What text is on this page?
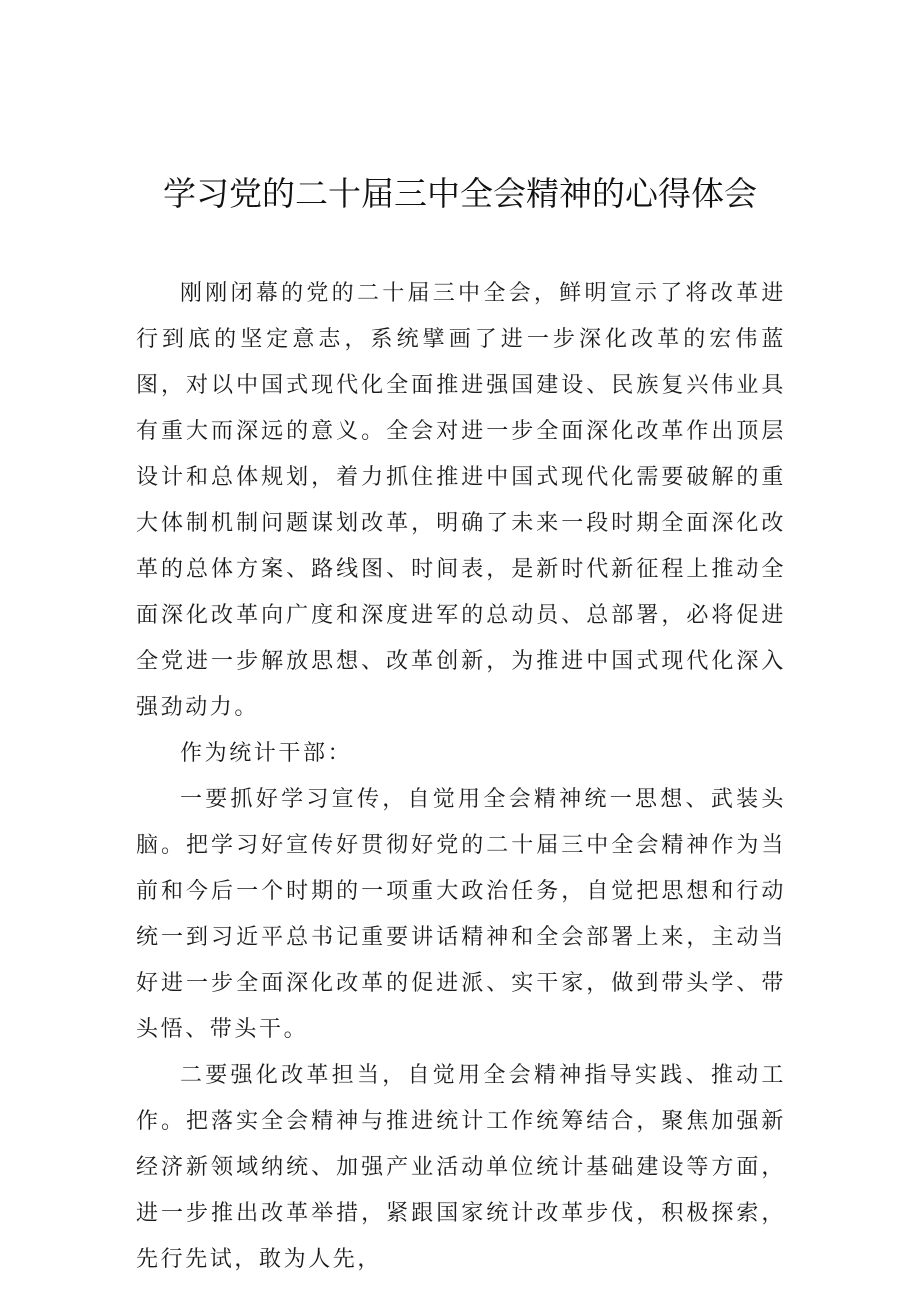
学习党的二十届三中全会精神的心得体会

刚刚闭幕的党的二十届三中全会，鲜明宣示了将改革进行到底的坚定意志，系统擘画了进一步深化改革的宏伟蓝图，对以中国式现代化全面推进强国建设、民族复兴伟业具有重大而深远的意义。全会对进一步全面深化改革作出顶层设计和总体规划，着力抓住推进中国式现代化需要破解的重大体制机制问题谋划改革，明确了未来一段时期全面深化改革的总体方案、路线图、时间表，是新时代新征程上推动全面深化改革向广度和深度进军的总动员、总部署，必将促进全党进一步解放思想、改革创新，为推进中国式现代化深入强劲动力。

作为统计干部：

一要抓好学习宣传，自觉用全会精神统一思想、武装头脑。把学习好宣传好贯彻好党的二十届三中全会精神作为当前和今后一个时期的一项重大政治任务，自觉把思想和行动统一到习近平总书记重要讲话精神和全会部署上来，主动当好进一步全面深化改革的促进派、实干家，做到带头学、带头悟、带头干。

二要强化改革担当，自觉用全会精神指导实践、推动工作。把落实全会精神与推进统计工作统筹结合，聚焦加强新经济新领域纳统、加强产业活动单位统计基础建设等方面，进一步推出改革举措，紧跟国家统计改革步伐，积极探索，先行先试，敢为人先，
